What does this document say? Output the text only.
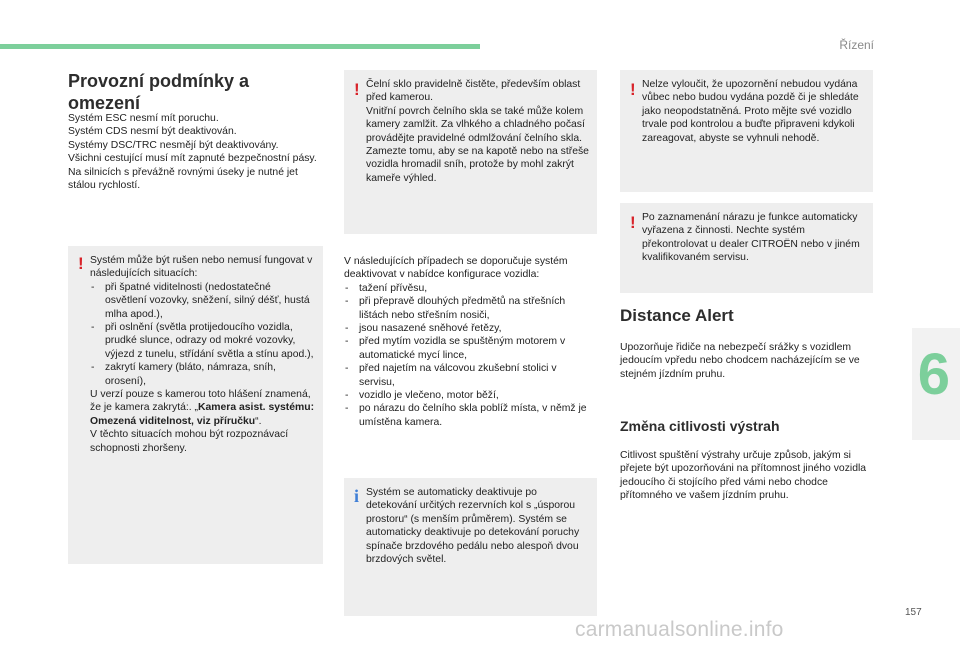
Řízení
6
Provozní podmínky a omezení
Systém ESC nesmí mít poruchu.
Systém CDS nesmí být deaktivován.
Systémy DSC/TRC nesmějí být deaktivovány.
Všichni cestující musí mít zapnuté bezpečnostní pásy.
Na silnicích s převážně rovnými úseky je nutné jet stálou rychlostí.
! Systém může být rušen nebo nemusí fungovat v následujících situacích:
- při špatné viditelnosti (nedostatečné osvětlení vozovky, sněžení, silný déšť, hustá mlha apod.),
- při oslnění (světla protijedoucího vozidla, prudké slunce, odrazy od mokré vozovky, výjezd z tunelu, střídání světla a stínu apod.),
- zakrytí kamery (bláto, námraza, sníh, orosení),
U verzí pouze s kamerou toto hlášení znamená, že je kamera zakrytá:. „Kamera asist. systému: Omezená viditelnost, viz příručku“.
V těchto situacích mohou být rozpoznávací schopnosti zhoršeny.
! Čelní sklo pravidelně čistěte, především oblast před kamerou.
Vnitřní povrch čelního skla se také může kolem kamery zamlžit. Za vlhkého a chladného počasí provádějte pravidelné odmlžování čelního skla.
Zamezte tomu, aby se na kapotě nebo na střeše vozidla hromadil sníh, protože by mohl zakrýt kameře výhled.
V následujících případech se doporučuje systém deaktivovat v nabídce konfigurace vozidla:
- tažení přívěsu,
- při přepravě dlouhých předmětů na střešních lištách nebo střešním nosiči,
- jsou nasazené sněhové řetězy,
- před mytím vozidla se spuštěným motorem v automatické mycí lince,
- před najetím na válcovou zkušební stolici v servisu,
- vozidlo je vlečeno, motor běží,
- po nárazu do čelního skla poblíž místa, v němž je umístěna kamera.
i Systém se automaticky deaktivuje po detekování určitých rezervních kol s „úsporou prostoru“ (s menším průměrem). Systém se automaticky deaktivuje po detekování poruchy spínače brzdového pedálu nebo alespoň dvou brzdových světel.
! Nelze vyloučit, že upozornění nebudou vydána vůbec nebo budou vydána pozdě či je shledáte jako neopodstatněná. Proto mějte své vozidlo trvale pod kontrolou a buďte připraveni kdykoli zareagovat, abyste se vyhnuli nehodě.
! Po zaznamenání nárazu je funkce automaticky vyřazena z činnosti. Nechte systém překontrolovat u dealer CITROËN nebo v jiném kvalifikovaném servisu.
Distance Alert
Upozorňuje řidiče na nebezpečí srážky s vozidlem jedoucím vpředu nebo chodcem nacházejícím se ve stejném jízdním pruhu.
Změna citlivosti výstrah
Citlivost spuštění výstrahy určuje způsob, jakým si přejete být upozorňováni na přítomnost jiného vozidla jedoucího či stojícího před vámi nebo chodce přítomného ve vašem jízdním pruhu.
157
carmanualsonline.info
